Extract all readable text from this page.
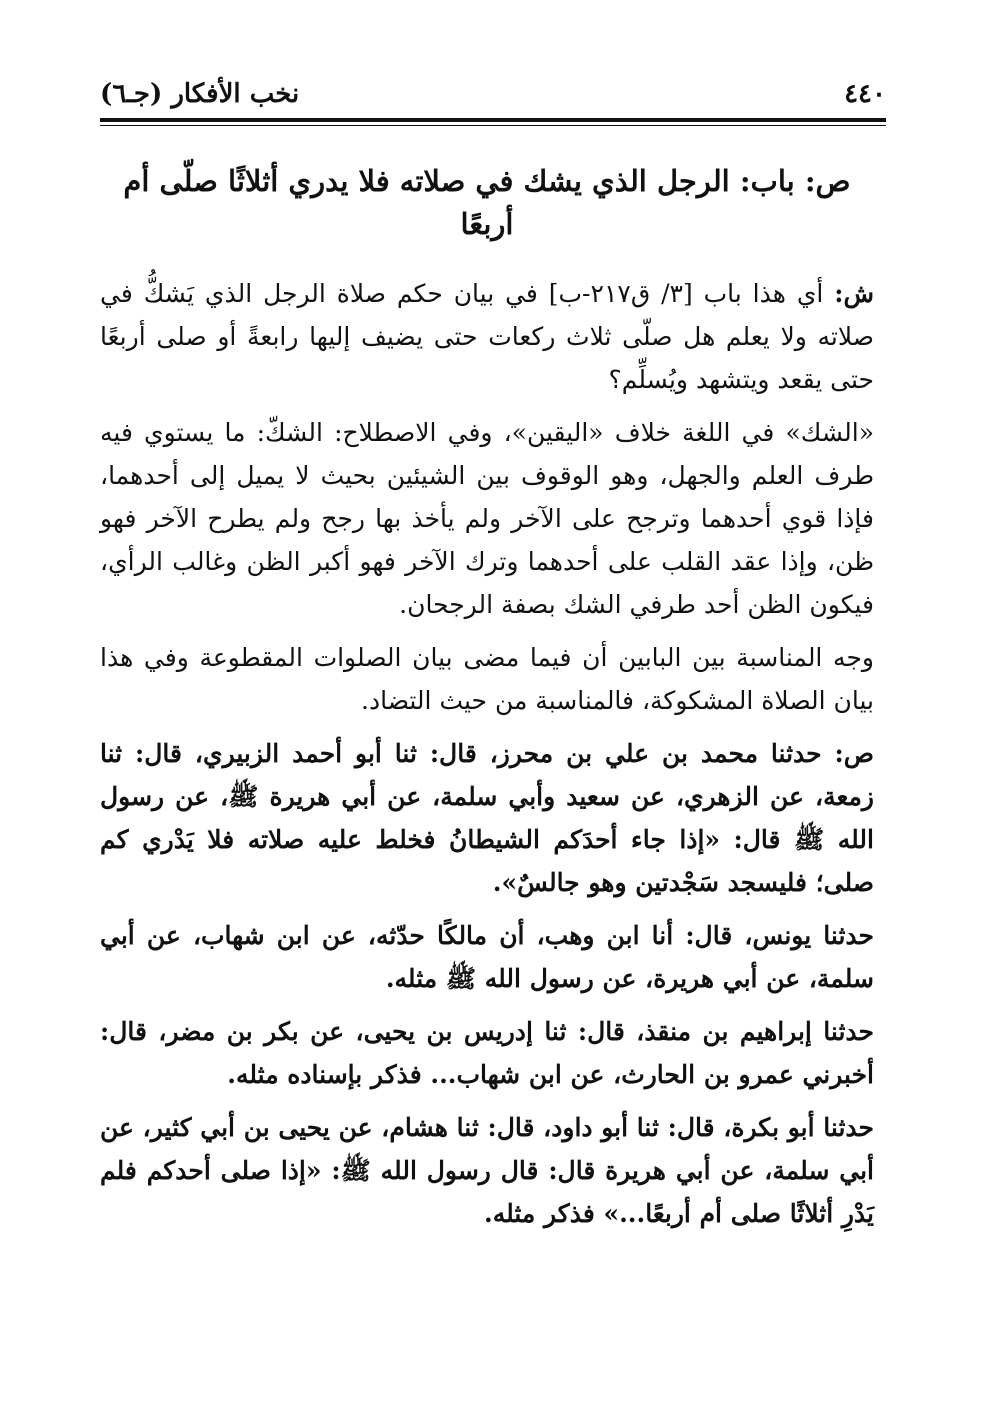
٤٤٠
نخب الأفكار (جـ٦)
ص: باب: الرجل الذي يشك في صلاته فلا يدري أثلاثًا صلّى أم أربعًا

ش: أي هذا باب [٣/ ق٢١٧-ب] في بيان حكم صلاة الرجل الذي يَشكُّ في صلاته ولا يعلم هل صلّى ثلاث ركعات حتى يضيف إليها رابعةً أو صلى أربعًا حتى يقعد ويتشهد ويُسلِّم؟

«الشك» في اللغة خلاف «اليقين»، وفي الاصطلاح: الشكّ: ما يستوي فيه طرف العلم والجهل، وهو الوقوف بين الشيئين بحيث لا يميل إلى أحدهما، فإذا قوي أحدهما وترجح على الآخر ولم يأخذ بها رجح ولم يطرح الآخر فهو ظن، وإذا عقد القلب على أحدهما وترك الآخر فهو أكبر الظن وغالب الرأي، فيكون الظن أحد طرفي الشك بصفة الرجحان.

وجه المناسبة بين البابين أن فيما مضى بيان الصلوات المقطوعة وفي هذا بيان الصلاة المشكوكة، فالمناسبة من حيث التضاد.

ص: حدثنا محمد بن علي بن محرز، قال: ثنا أبو أحمد الزبيري، قال: ثنا زمعة، عن الزهري، عن سعيد وأبي سلمة، عن أبي هريرة ﷺ، عن رسول الله ﷺ قال: «إذا جاء أحدَكم الشيطانُ فخلط عليه صلاته فلا يَدْري كم صلى؛ فليسجد سَجْدتين وهو جالسٌ».

حدثنا يونس، قال: أنا ابن وهب، أن مالكًا حدّثه، عن ابن شهاب، عن أبي سلمة، عن أبي هريرة، عن رسول الله ﷺ مثله.

حدثنا إبراهيم بن منقذ، قال: ثنا إدريس بن يحيى، عن بكر بن مضر، قال: أخبرني عمرو بن الحارث، عن ابن شهاب... فذكر بإسناده مثله.

حدثنا أبو بكرة، قال: ثنا أبو داود، قال: ثنا هشام، عن يحيى بن أبي كثير، عن أبي سلمة، عن أبي هريرة قال: قال رسول الله ﷺ: «إذا صلى أحدكم فلم يَدْرِ أثلاثًا صلى أم أربعًا...» فذكر مثله.
